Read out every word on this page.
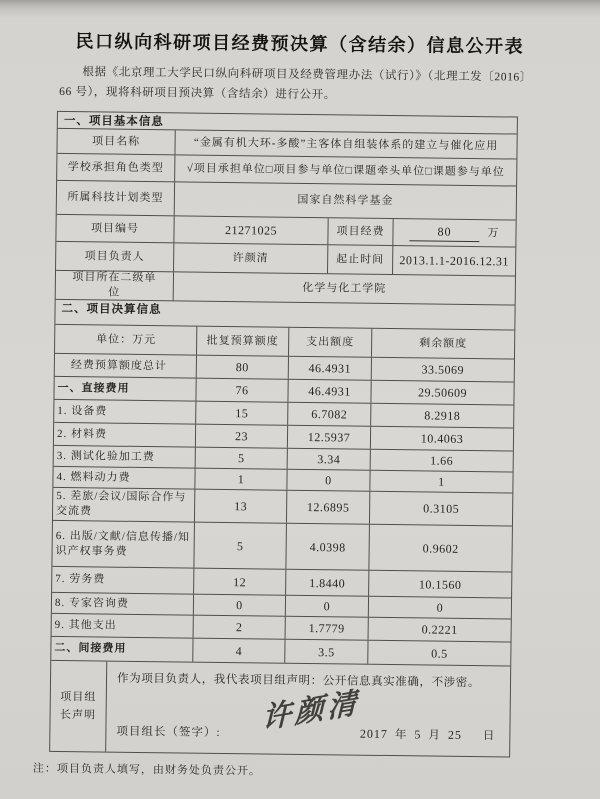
民口纵向科研项目经费预决算（含结余）信息公开表
根据《北京理工大学民口纵向科研项目及经费管理办法（试行）》（北理工发〔2016〕66 号），现将科研项目预决算（含结余）进行公开。
一、项目基本信息
项目名称	“金属有机大环-多酸”主客体自组装体系的建立与催化应用
学校承担角色类型	√项目承担单位□项目参与单位□课题牵头单位□课题参与单位
所属科技计划类型	国家自然科学基金
项目编号	21271025	项目经费	80	万
项目负责人	许颜清	起止时间	2013.1.1-2016.12.31
项目所在二级单位	化学与化工学院
二、项目决算信息
单位：万元	批复预算额度	支出额度	剩余额度
经费预算额度总计	80	46.4931	33.5069
一、直接费用	76	46.4931	29.50609
1. 设备费	15	6.7082	8.2918
2. 材料费	23	12.5937	10.4063
3. 测试化验加工费	5	3.34	1.66
4. 燃料动力费	1	0	1
5. 差旅/会议/国际合作与交流费	13	12.6895	0.3105
6. 出版/文献/信息传播/知识产权事务费	5	4.0398	0.9602
7. 劳务费	12	1.8440	10.1560
8. 专家咨询费	0	0	0
9. 其他支出	2	1.7779	0.2221
二、间接费用	4	3.5	0.5
项目组长声明
作为项目负责人，我代表项目组声明：公开信息真实准确，不涉密。
许颜清
项目组长（签字）:	2017 年 5 月 25 日
注：项目负责人填写，由财务处负责公开。
